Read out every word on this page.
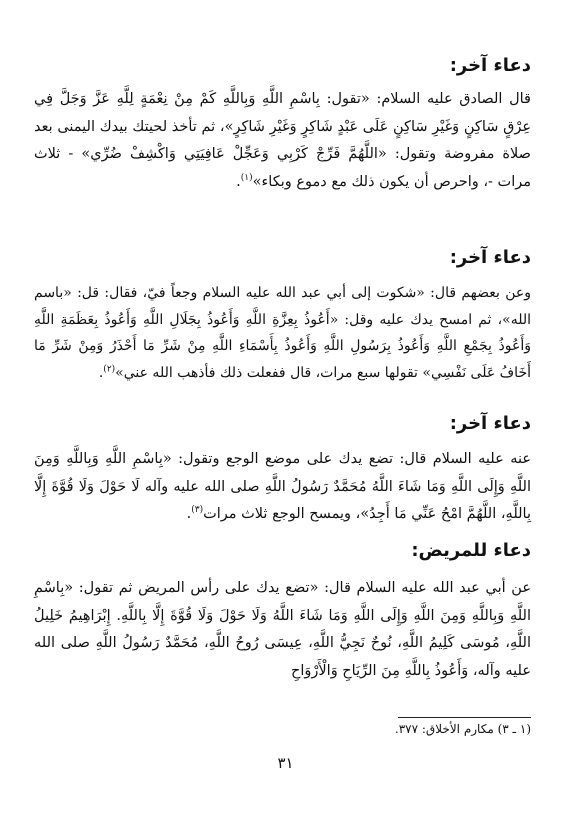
دعاء آخر:

قال الصادق عليه السلام: «تقول: بِاسْمِ اللَّهِ وَبِاللَّهِ كَمْ مِنْ نِعْمَةٍ لِلَّهِ عَزَّ وَجَلَّ فِي عِرْقٍ سَاكِنٍ وَغَيْرِ سَاكِنٍ عَلَى عَبْدٍ شَاكِرٍ وَغَيْرِ شَاكِرٍ»، ثم تأخذ لحيتك بيدك اليمنى بعد صلاة مفروضة وتقول: «اللَّهُمَّ فَرِّجْ كَرْبِي وَعَجِّلْ عَافِيَتِي وَاكْشِفْ ضُرِّي» - ثلاث مرات -، واحرص أن يكون ذلك مع دموع وبكاء»$^{(١)}$.

دعاء آخر:

وعن بعضهم قال: «شكوت إلى أبي عبد الله عليه السلام وجعاً فيّ، فقال: قل: «باسم الله»، ثم امسح يدك عليه وقل: «أَعُوذُ بِعِزَّةِ اللَّهِ وَأَعُوذُ بِجَلَالِ اللَّهِ وَأَعُوذُ بِعَظَمَةِ اللَّهِ وَأَعُوذُ بِجَمْعِ اللَّهِ وَأَعُوذُ بِرَسُولِ اللَّهِ وَأَعُوذُ بِأَسْمَاءِ اللَّهِ مِنْ شَرِّ مَا أَحْذَرُ وَمِنْ شَرِّ مَا أَخَافُ عَلَى نَفْسِي» تقولها سبع مرات، قال ففعلت ذلك فأذهب الله عني»$^{(٢)}$.

دعاء آخر:

عنه عليه السلام قال: تضع يدك على موضع الوجع وتقول: «بِاسْمِ اللَّهِ وَبِاللَّهِ وَمِنَ اللَّهِ وَإِلَى اللَّهِ وَمَا شَاءَ اللَّهُ مُحَمَّدٌ رَسُولُ اللَّهِ صلى الله عليه وآله لَا حَوْلَ وَلَا قُوَّةَ إِلَّا بِاللَّهِ، اللَّهُمَّ امْحُ عَنِّي مَا أَجِدُ»، ويمسح الوجع ثلاث مرات$^{(٣)}$.

دعاء للمريض:

عن أبي عبد الله عليه السلام قال: «تضع يدك على رأس المريض ثم تقول: «بِاسْمِ اللَّهِ وَبِاللَّهِ وَمِنَ اللَّهِ وَإِلَى اللَّهِ وَمَا شَاءَ اللَّهُ وَلَا حَوْلَ وَلَا قُوَّةَ إِلَّا بِاللَّهِ. إِبْرَاهِيمُ خَلِيلُ اللَّهِ، مُوسَى كَلِيمُ اللَّهِ، نُوحٌ نَجِيُّ اللَّهِ، عِيسَى رُوحُ اللَّهِ، مُحَمَّدٌ رَسُولُ اللَّهِ صلى الله عليه وآله، وَأَعُوذُ بِاللَّهِ مِنَ الرِّيَاحِ وَالْأَرْوَاحِ

(١ ـ ٣) مكارم الأخلاق: ٣٧٧.
٣١
